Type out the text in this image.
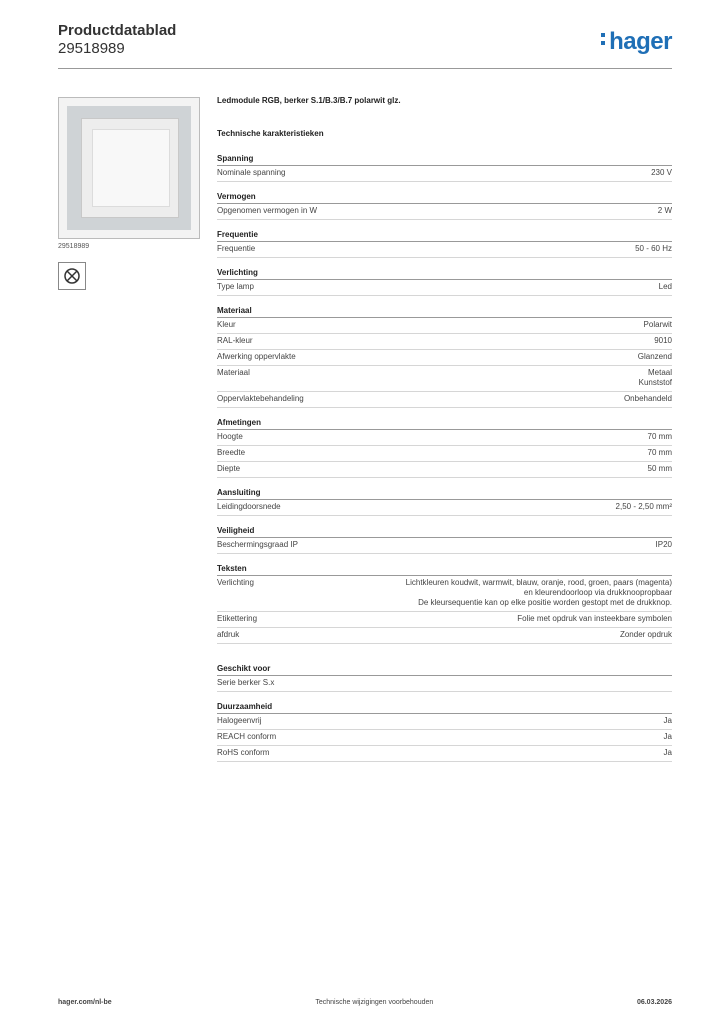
Productdatablad
29518989	hager
29518989
Ledmodule RGB, berker S.1/B.3/B.7 polarwit glz.
Technische karakteristieken
Spanning
Nominale spanning	230 V
Vermogen
Opgenomen vermogen in W	2 W
Frequentie
Frequentie	50 - 60 Hz
Verlichting
Type lamp	Led
Materiaal
Kleur	Polarwit
RAL-kleur	9010
Afwerking oppervlakte	Glanzend
Materiaal	Metaal
Kunststof
Oppervlaktebehandeling	Onbehandeld
Afmetingen
Hoogte	70 mm
Breedte	70 mm
Diepte	50 mm
Aansluiting
Leidingdoorsnede	2,50 - 2,50 mm²
Veiligheid
Beschermingsgraad IP	IP20
Teksten
Verlichting	Lichtkleuren koudwit, warmwit, blauw, oranje, rood, groen, paars (magenta)
en kleurendoorloop via drukknoopropbaar
De kleursequentie kan op elke positie worden gestopt met de drukknop.
Etikettering	Folie met opdruk van insteekbare symbolen
afdruk	Zonder opdruk
Geschikt voor
Serie berker S.x
Duurzaamheid
Halogeenvrij	Ja
REACH conform	Ja
RoHS conform	Ja
hager.com/nl-be	Technische wijzigingen voorbehouden	06.03.2026
